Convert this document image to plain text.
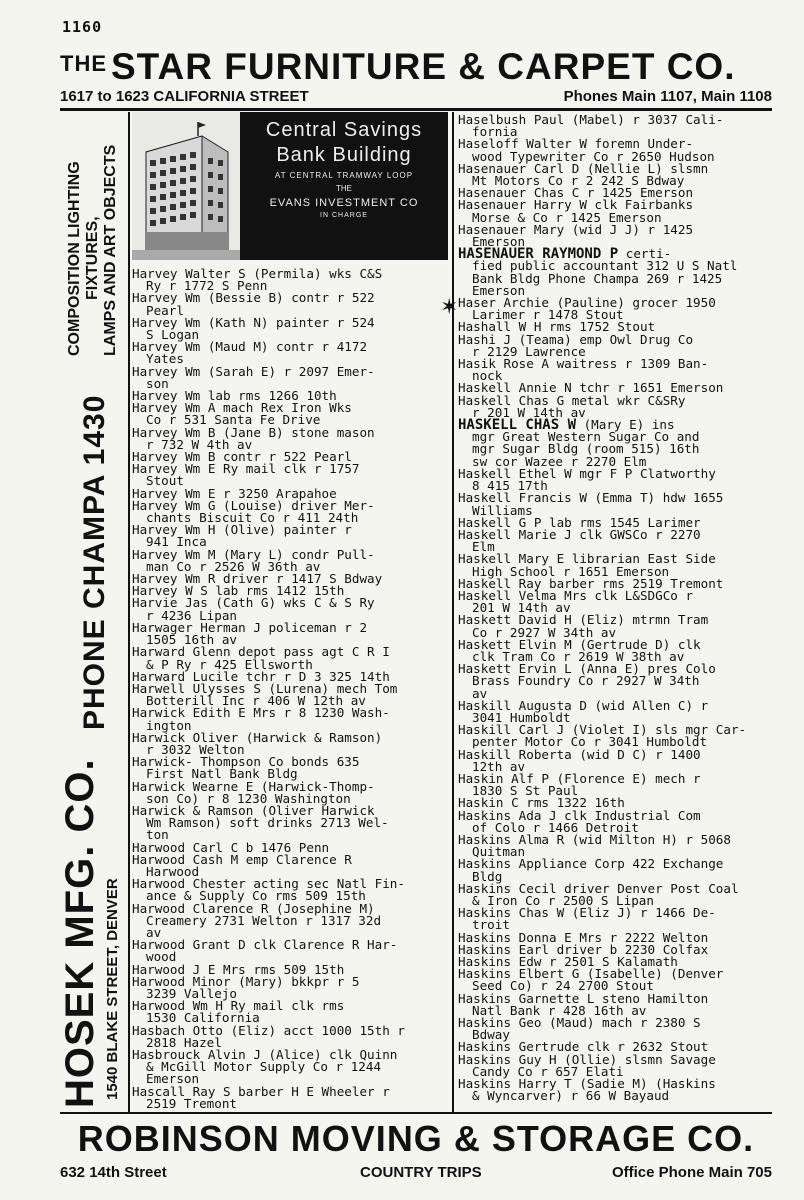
1160
$^{THE}$ STAR FURNITURE & CARPET CO.
1617 to 1623 CALIFORNIA STREET	Phones Main 1107, Main 1108
COMPOSITION LIGHTING FIXTURES, LAMPS AND ART OBJECTS
PHONE CHAMPA 1430
HOSEK MFG. CO. 1540 BLAKE STREET, DENVER
Central Savings
Bank Building
AT CENTRAL TRAMWAY LOOP
THE
EVANS INVESTMENT CO
IN CHARGE
Harvey Walter S (Permila) wks C&S
Ry r 1772 S Penn
Harvey Wm (Bessie B) contr r 522
Pearl
Harvey Wm (Kath N) painter r 524
S Logan
Harvey Wm (Maud M) contr r 4172
Yates
Harvey Wm (Sarah E) r 2097 Emer-
son
Harvey Wm lab rms 1266 10th
Harvey Wm A mach Rex Iron Wks
Co r 531 Santa Fe Drive
Harvey Wm B (Jane B) stone mason
r 732 W 4th av
Harvey Wm B contr r 522 Pearl
Harvey Wm E Ry mail clk r 1757
Stout
Harvey Wm E r 3250 Arapahoe
Harvey Wm G (Louise) driver Mer-
chants Biscuit Co r 411 24th
Harvey Wm H (Olive) painter r
941 Inca
Harvey Wm M (Mary L) condr Pull-
man Co r 2526 W 36th av
Harvey Wm R driver r 1417 S Bdway
Harvey W S lab rms 1412 15th
Harvie Jas (Cath G) wks C & S Ry
r 4236 Lipan
Harwager Herman J policeman r 2
1505 16th av
Harward Glenn depot pass agt C R I
& P Ry r 425 Ellsworth
Harward Lucile tchr r D 3 325 14th
Harwell Ulysses S (Lurena) mech Tom
Botterill Inc r 406 W 12th av
Harwick Edith E Mrs r 8 1230 Wash-
ington
Harwick Oliver (Harwick & Ramson)
r 3032 Welton
Harwick- Thompson Co bonds 635
First Natl Bank Bldg
Harwick Wearne E (Harwick-Thomp-
son Co) r 8 1230 Washington
Harwick & Ramson (Oliver Harwick
Wm Ramson) soft drinks 2713 Wel-
ton
Harwood Carl C b 1476 Penn
Harwood Cash M emp Clarence R
Harwood
Harwood Chester acting sec Natl Fin-
ance & Supply Co rms 509 15th
Harwood Clarence R (Josephine M)
Creamery 2731 Welton r 1317 32d
av
Harwood Grant D clk Clarence R Har-
wood
Harwood J E Mrs rms 509 15th
Harwood Minor (Mary) bkkpr r 5
3239 Vallejo
Harwood Wm H Ry mail clk rms
1530 California
Hasbach Otto (Eliz) acct 1000 15th r
2818 Hazel
Hasbrouck Alvin J (Alice) clk Quinn
& McGill Motor Supply Co r 1244
Emerson
Hascall Ray S barber H E Wheeler r
2519 Tremont
Haselbush Paul (Mabel) r 3037 Cali-
fornia
Haseloff Walter W foremn Under-
wood Typewriter Co r 2650 Hudson
Hasenauer Carl D (Nellie L) slsmn
Mt Motors Co r 2 242 S Bdway
Hasenauer Chas C r 1425 Emerson
Hasenauer Harry W clk Fairbanks
Morse & Co r 1425 Emerson
Hasenauer Mary (wid J J) r 1425
Emerson
HASENAUER RAYMOND P certi-
fied public accountant 312 U S Natl
Bank Bldg Phone Champa 269 r 1425
Emerson
Haser Archie (Pauline) grocer 1950
Larimer r 1478 Stout
Hashall W H rms 1752 Stout
Hashi J (Teama) emp Owl Drug Co
r 2129 Lawrence
Hasik Rose A waitress r 1309 Ban-
nock
Haskell Annie N tchr r 1651 Emerson
Haskell Chas G metal wkr C&SRy
r 201 W 14th av
HASKELL CHAS W (Mary E) ins
mgr Great Western Sugar Co and
mgr Sugar Bldg (room 515) 16th
sw cor Wazee r 2270 Elm
Haskell Ethel W mgr F P Clatworthy
8 415 17th
Haskell Francis W (Emma T) hdw 1655
Williams
Haskell G P lab rms 1545 Larimer
Haskell Marie J clk GWSCo r 2270
Elm
Haskell Mary E librarian East Side
High School r 1651 Emerson
Haskell Ray barber rms 2519 Tremont
Haskell Velma Mrs clk L&SDGCo r
201 W 14th av
Haskett David H (Eliz) mtrmn Tram
Co r 2927 W 34th av
Haskett Elvin M (Gertrude D) clk
clk Tram Co r 2619 W 38th av
Haskett Ervin L (Anna E) pres Colo
Brass Foundry Co r 2927 W 34th
av
Haskill Augusta D (wid Allen C) r
3041 Humboldt
Haskill Carl J (Violet I) sls mgr Car-
penter Motor Co r 3041 Humboldt
Haskill Roberta (wid D C) r 1400
12th av
Haskin Alf P (Florence E) mech r
1830 S St Paul
Haskin C rms 1322 16th
Haskins Ada J clk Industrial Com
of Colo r 1466 Detroit
Haskins Alma R (wid Milton H) r 5068
Quitman
Haskins Appliance Corp 422 Exchange
Bldg
Haskins Cecil driver Denver Post Coal
& Iron Co r 2500 S Lipan
Haskins Chas W (Eliz J) r 1466 De-
troit
Haskins Donna E Mrs r 2222 Welton
Haskins Earl driver b 2230 Colfax
Haskins Edw r 2501 S Kalamath
Haskins Elbert G (Isabelle) (Denver
Seed Co) r 24 2700 Stout
Haskins Garnette L steno Hamilton
Natl Bank r 428 16th av
Haskins Geo (Maud) mach r 2380 S
Bdway
Haskins Gertrude clk r 2632 Stout
Haskins Guy H (Ollie) slsmn Savage
Candy Co r 657 Elati
Haskins Harry T (Sadie M) (Haskins
& Wyncarver) r 66 W Bayaud
✶
ROBINSON MOVING & STORAGE CO.
632 14th Street	COUNTRY TRIPS	Office Phone Main 705
